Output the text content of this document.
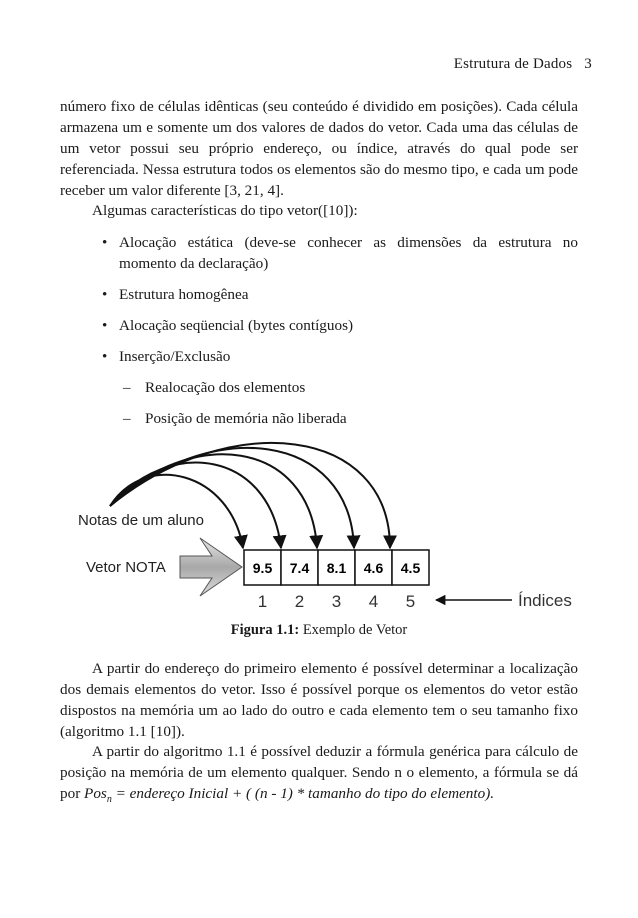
Estrutura de Dados 3
número fixo de células idênticas (seu conteúdo é dividido em posições). Cada célula armazena um e somente um dos valores de dados do vetor. Cada uma das células de um vetor possui seu próprio endereço, ou índice, através do qual pode ser referenciada. Nessa estrutura todos os elementos são do mesmo tipo, e cada um pode receber um valor diferente [3, 21, 4].
Algumas características do tipo vetor([10]):
• Alocação estática (deve-se conhecer as dimensões da estrutura no momento da declaração)
• Estrutura homogênea
• Alocação seqüencial (bytes contíguos)
• Inserção/Exclusão
– Realocação dos elementos
– Posição de memória não liberada
Notas de um aluno
Vetor NOTA	9.5 7.4 8.1 4.6 4.5
1 2 3 4 5	Índices
Figura 1.1: Exemplo de Vetor
A partir do endereço do primeiro elemento é possível determinar a localização dos demais elementos do vetor. Isso é possível porque os elementos do vetor estão dispostos na memória um ao lado do outro e cada elemento tem o seu tamanho fixo (algoritmo 1.1 [10]).
A partir do algoritmo 1.1 é possível deduzir a fórmula genérica para cálculo de posição na memória de um elemento qualquer. Sendo n o elemento, a fórmula se dá por Pos$_n$ = endereço Inicial + ( (n - 1) * tamanho do tipo do elemento).
